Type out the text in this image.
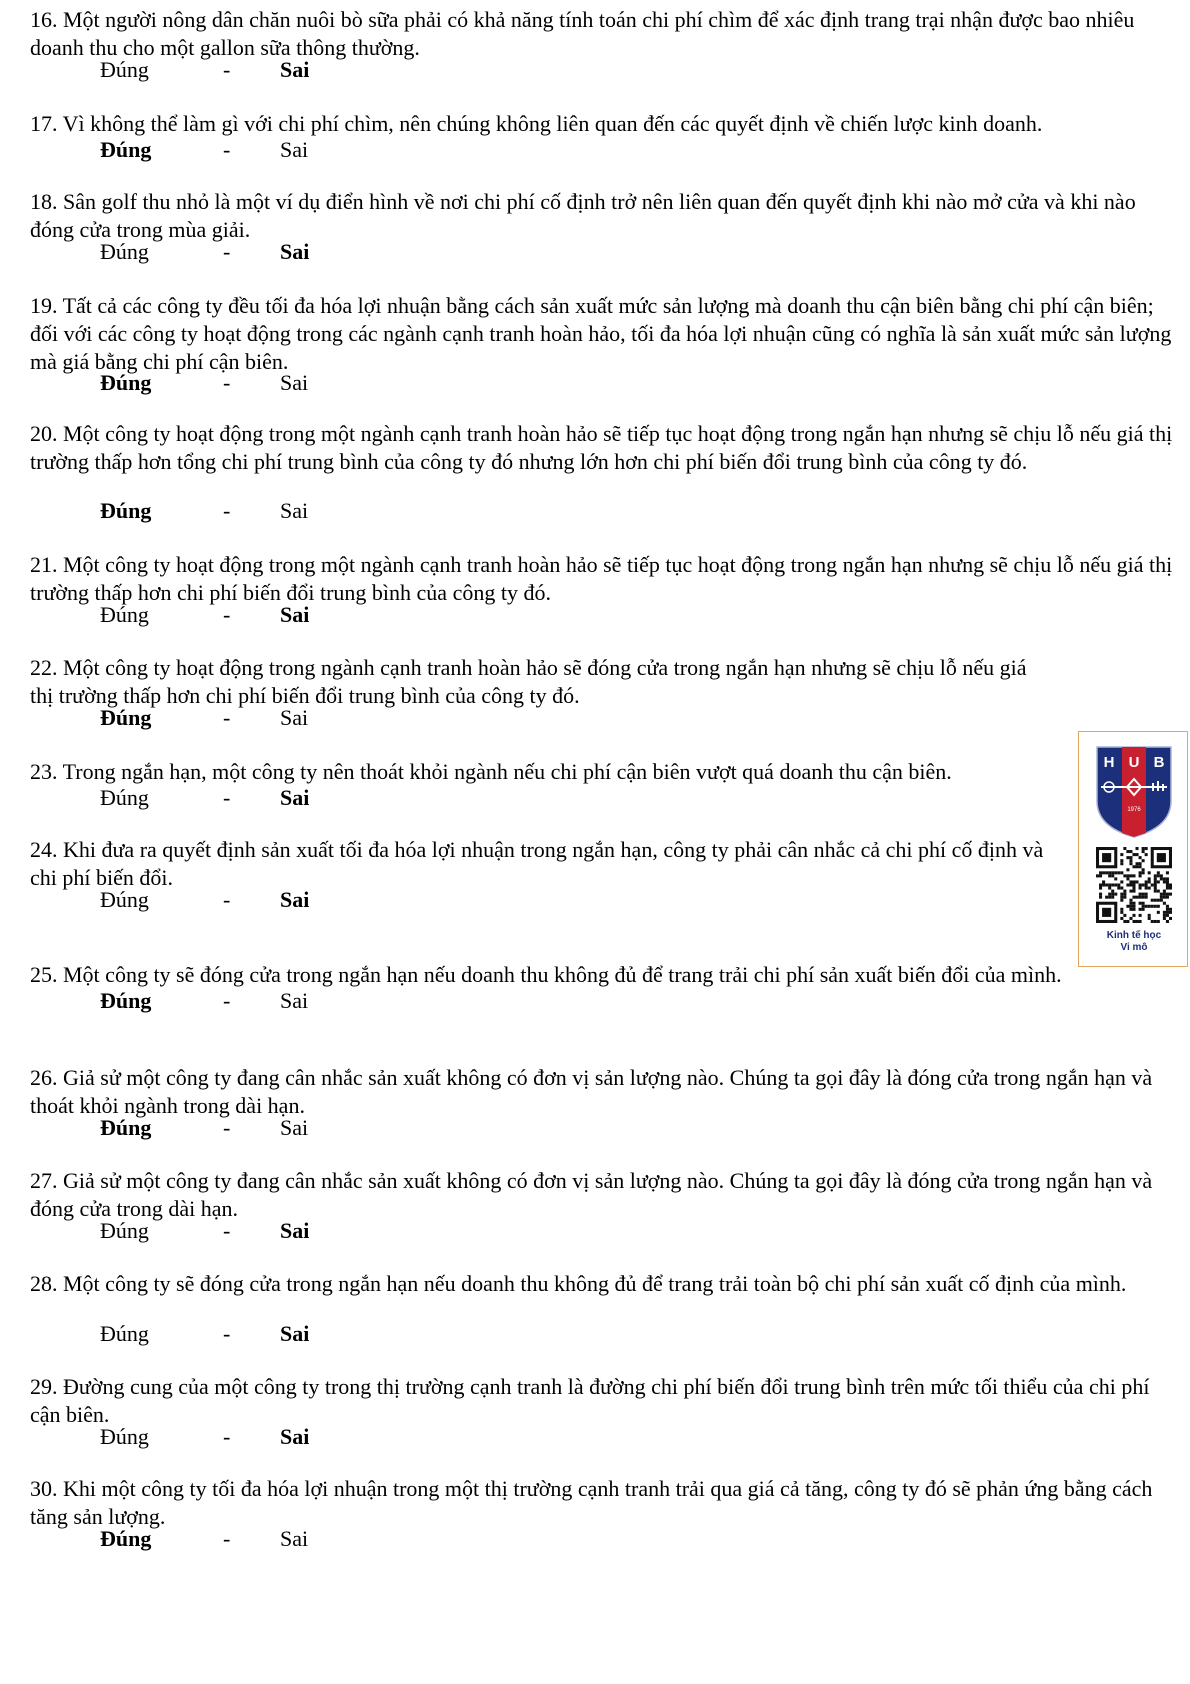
16. Một người nông dân chăn nuôi bò sữa phải có khả năng tính toán chi phí chìm để xác định trang trại nhận được bao nhiêu doanh thu cho một gallon sữa thông thường.

Đúng	- Sai

17. Vì không thể làm gì với chi phí chìm, nên chúng không liên quan đến các quyết định về chiến lược kinh doanh.

Đúng	- Sai

18. Sân golf thu nhỏ là một ví dụ điển hình về nơi chi phí cố định trở nên liên quan đến quyết định khi nào mở cửa và khi nào đóng cửa trong mùa giải.

Đúng	- Sai

19. Tất cả các công ty đều tối đa hóa lợi nhuận bằng cách sản xuất mức sản lượng mà doanh thu cận biên bằng chi phí cận biên; đối với các công ty hoạt động trong các ngành cạnh tranh hoàn hảo, tối đa hóa lợi nhuận cũng có nghĩa là sản xuất mức sản lượng mà giá bằng chi phí cận biên.

Đúng	- Sai

20. Một công ty hoạt động trong một ngành cạnh tranh hoàn hảo sẽ tiếp tục hoạt động trong ngắn hạn nhưng sẽ chịu lỗ nếu giá thị trường thấp hơn tổng chi phí trung bình của công ty đó nhưng lớn hơn chi phí biến đổi trung bình của công ty đó.

Đúng	- Sai

21. Một công ty hoạt động trong một ngành cạnh tranh hoàn hảo sẽ tiếp tục hoạt động trong ngắn hạn nhưng sẽ chịu lỗ nếu giá thị trường thấp hơn chi phí biến đổi trung bình của công ty đó.

Đúng	- Sai

22. Một công ty hoạt động trong ngành cạnh tranh hoàn hảo sẽ đóng cửa trong ngắn hạn nhưng sẽ chịu lỗ nếu giá thị trường thấp hơn chi phí biến đổi trung bình của công ty đó.

Đúng	- Sai

23. Trong ngắn hạn, một công ty nên thoát khỏi ngành nếu chi phí cận biên vượt quá doanh thu cận biên.

Đúng	- Sai

24. Khi đưa ra quyết định sản xuất tối đa hóa lợi nhuận trong ngắn hạn, công ty phải cân nhắc cả chi phí cố định và chi phí biến đổi.

Đúng	- Sai

25. Một công ty sẽ đóng cửa trong ngắn hạn nếu doanh thu không đủ để trang trải chi phí sản xuất biến đổi của mình.

Đúng	- Sai

26. Giả sử một công ty đang cân nhắc sản xuất không có đơn vị sản lượng nào. Chúng ta gọi đây là đóng cửa trong ngắn hạn và thoát khỏi ngành trong dài hạn.

Đúng	- Sai

27. Giả sử một công ty đang cân nhắc sản xuất không có đơn vị sản lượng nào. Chúng ta gọi đây là đóng cửa trong ngắn hạn và đóng cửa trong dài hạn.

Đúng	- Sai

28. Một công ty sẽ đóng cửa trong ngắn hạn nếu doanh thu không đủ để trang trải toàn bộ chi phí sản xuất cố định của mình.

Đúng	- Sai

29. Đường cung của một công ty trong thị trường cạnh tranh là đường chi phí biến đổi trung bình trên mức tối thiểu của chi phí cận biên.

Đúng	- Sai

30. Khi một công ty tối đa hóa lợi nhuận trong một thị trường cạnh tranh trải qua giá cả tăng, công ty đó sẽ phản ứng bằng cách tăng sản lượng.

Đúng	- Sai
H U B
1976
Kinh tế học
Vi mô
